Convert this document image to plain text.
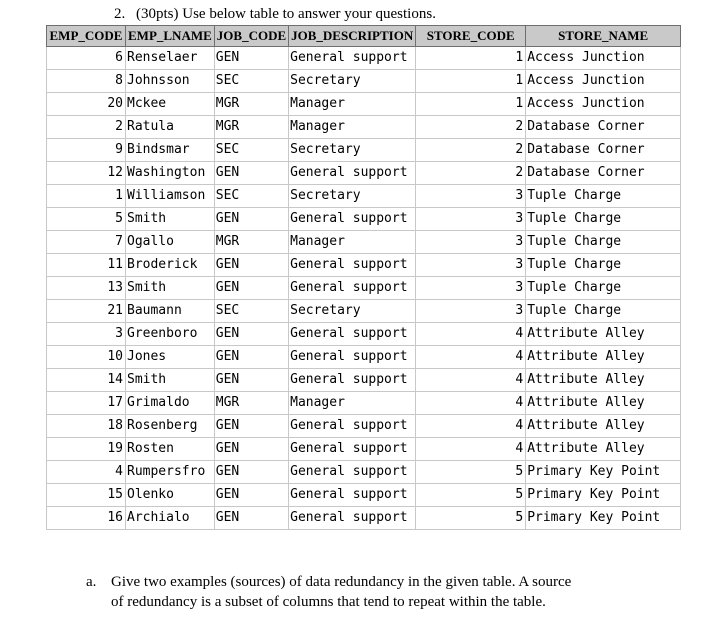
2. (30pts) Use below table to answer your questions.
EMP_CODE	EMP_LNAME	JOB_CODE	JOB_DESCRIPTION	STORE_CODE	STORE_NAME
6	Renselaer	GEN	General support	1	Access Junction
8	Johnsson	SEC	Secretary	1	Access Junction
20	Mckee	MGR	Manager	1	Access Junction
2	Ratula	MGR	Manager	2	Database Corner
9	Bindsmar	SEC	Secretary	2	Database Corner
12	Washington	GEN	General support	2	Database Corner
1	Williamson	SEC	Secretary	3	Tuple Charge
5	Smith	GEN	General support	3	Tuple Charge
7	Ogallo	MGR	Manager	3	Tuple Charge
11	Broderick	GEN	General support	3	Tuple Charge
13	Smith	GEN	General support	3	Tuple Charge
21	Baumann	SEC	Secretary	3	Tuple Charge
3	Greenboro	GEN	General support	4	Attribute Alley
10	Jones	GEN	General support	4	Attribute Alley
14	Smith	GEN	General support	4	Attribute Alley
17	Grimaldo	MGR	Manager	4	Attribute Alley
18	Rosenberg	GEN	General support	4	Attribute Alley
19	Rosten	GEN	General support	4	Attribute Alley
4	Rumpersfro	GEN	General support	5	Primary Key Point
15	Olenko	GEN	General support	5	Primary Key Point
16	Archialo	GEN	General support	5	Primary Key Point
a. Give two examples (sources) of data redundancy in the given table. A source
of redundancy is a subset of columns that tend to repeat within the table.
